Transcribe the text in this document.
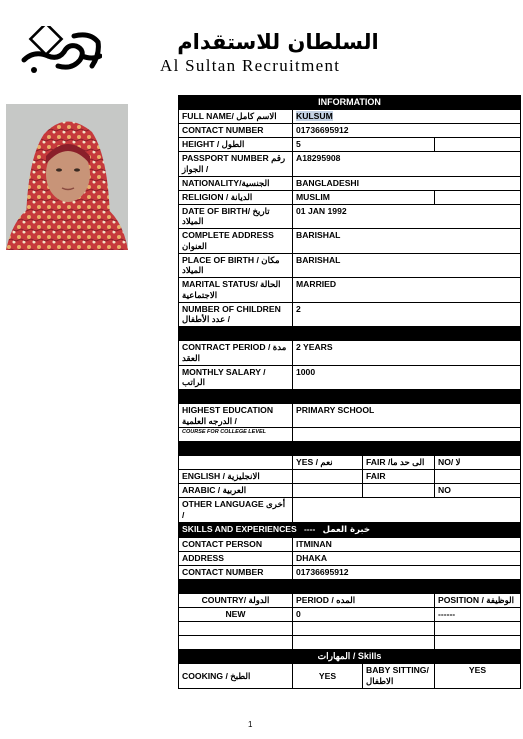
السلطان للاستقدام
Al Sultan Recruitment
INFORMATION			
FULL NAME/ الاسم كامل	KULSUM		
CONTACT NUMBER	01736695912		
HEIGHT / الطول	5		
PASSPORT NUMBER رقم الجواز /	A18295908		
NATIONALITY/الجنسية	BANGLADESHI		
RELIGION / الديانة	MUSLIM		
DATE OF BIRTH/ تاريخ الميلاد	01 JAN 1992		
COMPLETE ADDRESS العنوان	BARISHAL		
PLACE OF BIRTH / مكان الميلاد	BARISHAL		
MARITAL STATUS/ الحالة الاجتماعية	MARRIED		
NUMBER OF CHILDREN عدد الأطفال /	2		

CONTRACT PERIOD / مدة العقد	2 YEARS		
MONTHLY SALARY / الراتب	1000		

HIGHEST EDUCATION الدرجه العلمية /	PRIMARY SCHOOL		
COURSE FOR COLLEGE LEVEL			

	YES / نعم	FAIR /الى حد ما	NO/ لا
ENGLISH / الانجليزية		FAIR	
ARABIC / العربية			NO
OTHER LANGUAGE أخرى /			
SKILLS AND EXPERIENCES ---- خبرة العمل			
CONTACT PERSON	ITMINAN		
ADDRESS	DHAKA		
CONTACT NUMBER	01736695912		

COUNTRY/ الدولة	PERIOD / المده		POSITION / الوظيفة
NEW	0		------

المهارات / Skills			
COOKING / الطبخ	YES	BABY SITTING/ الاطفال	YES
1
